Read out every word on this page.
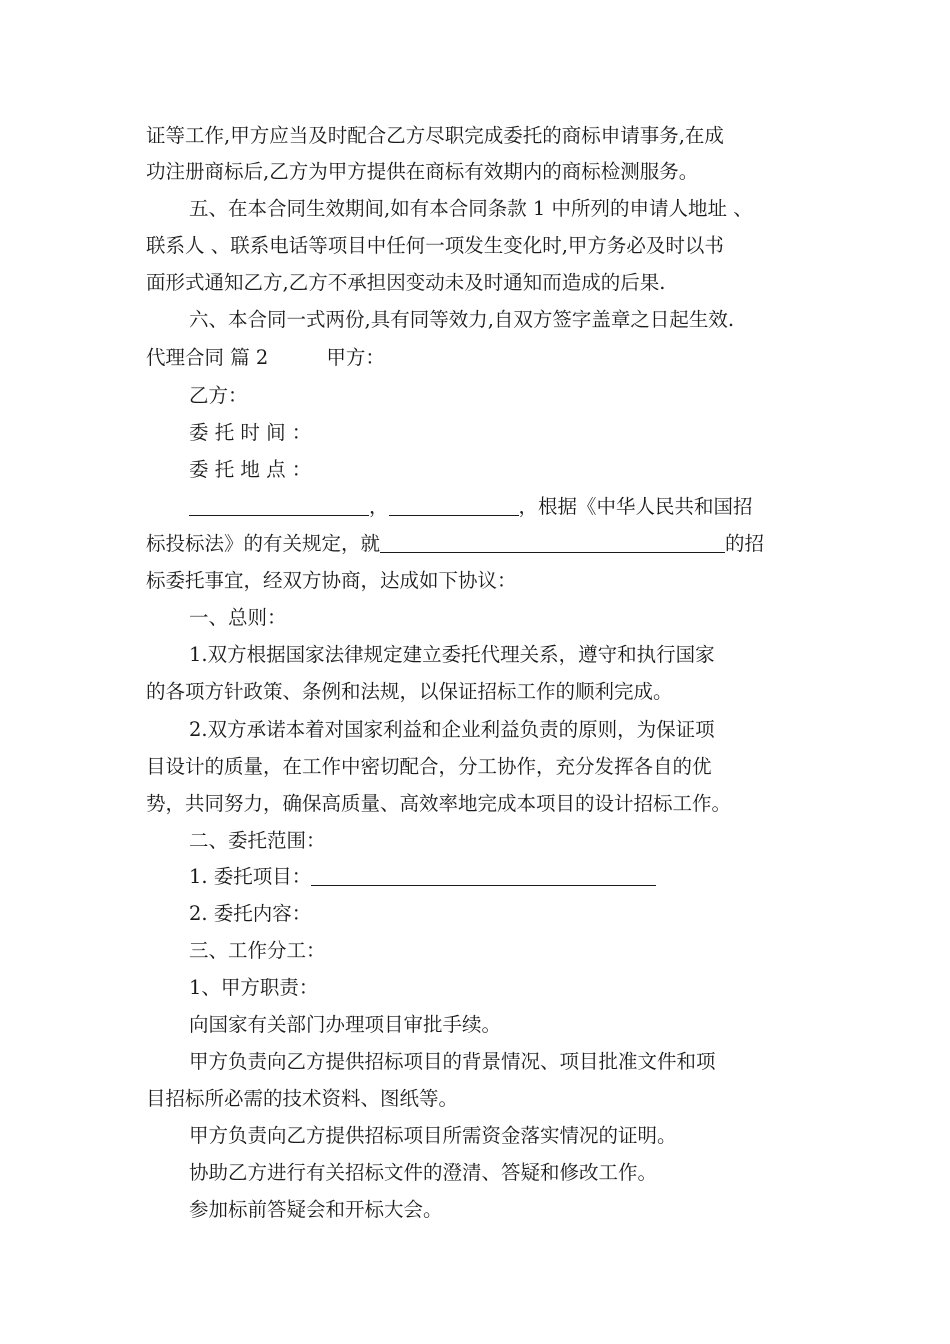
证等工作,甲方应当及时配合乙方尽职完成委托的商标申请事务,在成
功注册商标后,乙方为甲方提供在商标有效期内的商标检测服务。
五、在本合同生效期间,如有本合同条款 1 中所列的申请人地址 、
联系人 、联系电话等项目中任何一项发生变化时,甲方务必及时以书
面形式通知乙方,乙方不承担因变动未及时通知而造成的后果.
六、本合同一式两份,具有同等效力,自双方签字盖章之日起生效.
代理合同 篇 2	甲方：
乙方：
委 托 时 间 ：
委 托 地 点 ：
，	，根据《中华人民共和国招
标投标法》的有关规定，就	的招
标委托事宜，经双方协商，达成如下协议：
一、总则：
1.双方根据国家法律规定建立委托代理关系，遵守和执行国家
的各项方针政策、条例和法规，以保证招标工作的顺利完成。
2.双方承诺本着对国家利益和企业利益负责的原则，为保证项
目设计的质量，在工作中密切配合，分工协作，充分发挥各自的优
势，共同努力，确保高质量、高效率地完成本项目的设计招标工作。
二、委托范围：
1. 委托项目：
2. 委托内容：
三、工作分工：
1、甲方职责：
向国家有关部门办理项目审批手续。
甲方负责向乙方提供招标项目的背景情况、项目批准文件和项
目招标所必需的技术资料、图纸等。
甲方负责向乙方提供招标项目所需资金落实情况的证明。
协助乙方进行有关招标文件的澄清、答疑和修改工作。
参加标前答疑会和开标大会。
